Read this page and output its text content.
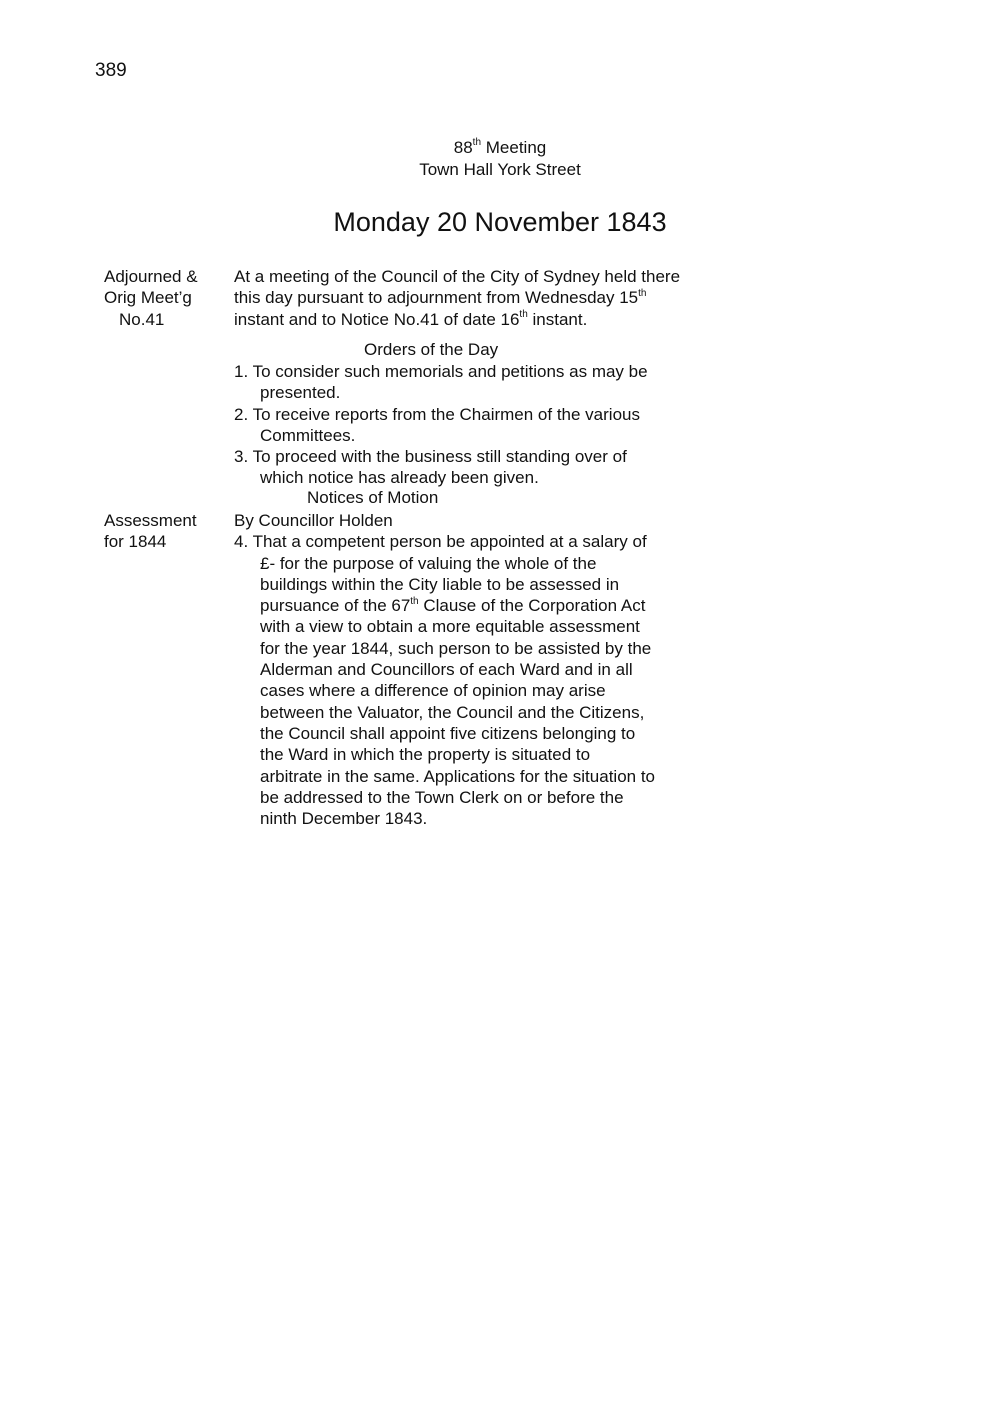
389
88th Meeting
Town Hall York Street
Monday 20 November 1843
Adjourned &
Orig Meet’g
No.41
At a meeting of the Council of the City of Sydney held there
this day pursuant to adjournment from Wednesday 15th
instant and to Notice No.41 of date 16th instant.
Orders of the Day
1. To consider such memorials and petitions as may be
presented.
2. To receive reports from the Chairmen of the various
Committees.
3. To proceed with the business still standing over of
which notice has already been given.
Notices of Motion
Assessment
for 1844
By Councillor Holden
4. That a competent person be appointed at a salary of
£- for the purpose of valuing the whole of the
buildings within the City liable to be assessed in
pursuance of the 67th Clause of the Corporation Act
with a view to obtain a more equitable assessment
for the year 1844, such person to be assisted by the
Alderman and Councillors of each Ward and in all
cases where a difference of opinion may arise
between the Valuator, the Council and the Citizens,
the Council shall appoint five citizens belonging to
the Ward in which the property is situated to
arbitrate in the same. Applications for the situation to
be addressed to the Town Clerk on or before the
ninth December 1843.
